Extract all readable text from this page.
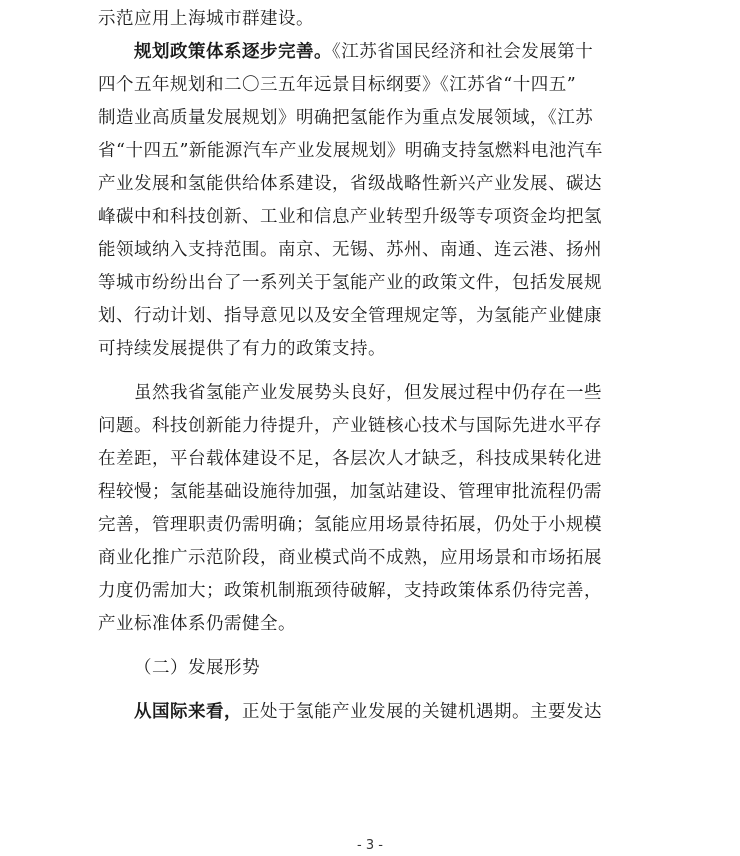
示范应用上海城市群建设。
规划政策体系逐步完善。《江苏省国民经济和社会发展第十
四个五年规划和二〇三五年远景目标纲要》《江苏省“十四五”
制造业高质量发展规划》明确把氢能作为重点发展领域，《江苏
省“十四五”新能源汽车产业发展规划》明确支持氢燃料电池汽车
产业发展和氢能供给体系建设，省级战略性新兴产业发展、碳达
峰碳中和科技创新、工业和信息产业转型升级等专项资金均把氢
能领域纳入支持范围。南京、无锡、苏州、南通、连云港、扬州
等城市纷纷出台了一系列关于氢能产业的政策文件，包括发展规
划、行动计划、指导意见以及安全管理规定等，为氢能产业健康
可持续发展提供了有力的政策支持。
虽然我省氢能产业发展势头良好，但发展过程中仍存在一些
问题。科技创新能力待提升，产业链核心技术与国际先进水平存
在差距，平台载体建设不足，各层次人才缺乏，科技成果转化进
程较慢；氢能基础设施待加强，加氢站建设、管理审批流程仍需
完善，管理职责仍需明确；氢能应用场景待拓展，仍处于小规模
商业化推广示范阶段，商业模式尚不成熟，应用场景和市场拓展
力度仍需加大；政策机制瓶颈待破解，支持政策体系仍待完善，
产业标准体系仍需健全。
（二）发展形势
从国际来看，正处于氢能产业发展的关键机遇期。主要发达
- 3 -
